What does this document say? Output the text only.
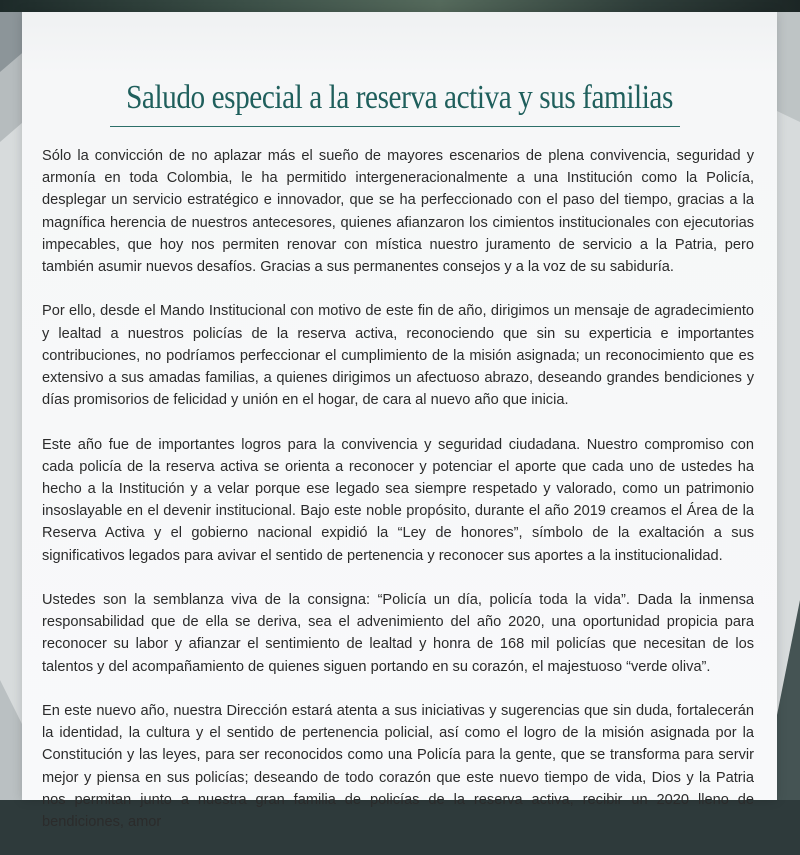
Saludo especial a la reserva activa y sus familias

Sólo la convicción de no aplazar más el sueño de mayores escenarios de plena convivencia, seguridad y armonía en toda Colombia, le ha permitido intergeneracionalmente a una Institución como la Policía, desplegar un servicio estratégico e innovador, que se ha perfeccionado con el paso del tiempo, gracias a la magnífica herencia de nuestros antecesores, quienes afianzaron los cimientos institucionales con ejecutorias impecables, que hoy nos permiten renovar con mística nuestro juramento de servicio a la Patria, pero también asumir nuevos desafíos. Gracias a sus permanentes consejos y a la voz de su sabiduría.

Por ello, desde el Mando Institucional con motivo de este fin de año, dirigimos un mensaje de agradecimiento y lealtad a nuestros policías de la reserva activa, reconociendo que sin su experticia e importantes contribuciones, no podríamos perfeccionar el cumplimiento de la misión asignada; un reconocimiento que es extensivo a sus amadas familias, a quienes dirigimos un afectuoso abrazo, deseando grandes bendiciones y días promisorios de felicidad y unión en el hogar, de cara al nuevo año que inicia.

Este año fue de importantes logros para la convivencia y seguridad ciudadana. Nuestro compromiso con cada policía de la reserva activa se orienta a reconocer y potenciar el aporte que cada uno de ustedes ha hecho a la Institución y a velar porque ese legado sea siempre respetado y valorado, como un patrimonio insoslayable en el devenir institucional. Bajo este noble propósito, durante el año 2019 creamos el Área de la Reserva Activa y el gobierno nacional expidió la “Ley de honores”, símbolo de la exaltación a sus significativos legados para avivar el sentido de pertenencia y reconocer sus aportes a la institucionalidad.

Ustedes son la semblanza viva de la consigna: “Policía un día, policía toda la vida”. Dada la inmensa responsabilidad que de ella se deriva, sea el advenimiento del año 2020, una oportunidad propicia para reconocer su labor y afianzar el sentimiento de lealtad y honra de 168 mil policías que necesitan de los talentos y del acompañamiento de quienes siguen portando en su corazón, el majestuoso “verde oliva”.

En este nuevo año, nuestra Dirección estará atenta a sus iniciativas y sugerencias que sin duda, fortalecerán la identidad, la cultura y el sentido de pertenencia policial, así como el logro de la misión asignada por la Constitución y las leyes, para ser reconocidos como una Policía para la gente, que se transforma para servir mejor y piensa en sus policías; deseando de todo corazón que este nuevo tiempo de vida, Dios y la Patria nos permitan junto a nuestra gran familia de policías de la reserva activa, recibir un 2020 lleno de bendiciones, amor
